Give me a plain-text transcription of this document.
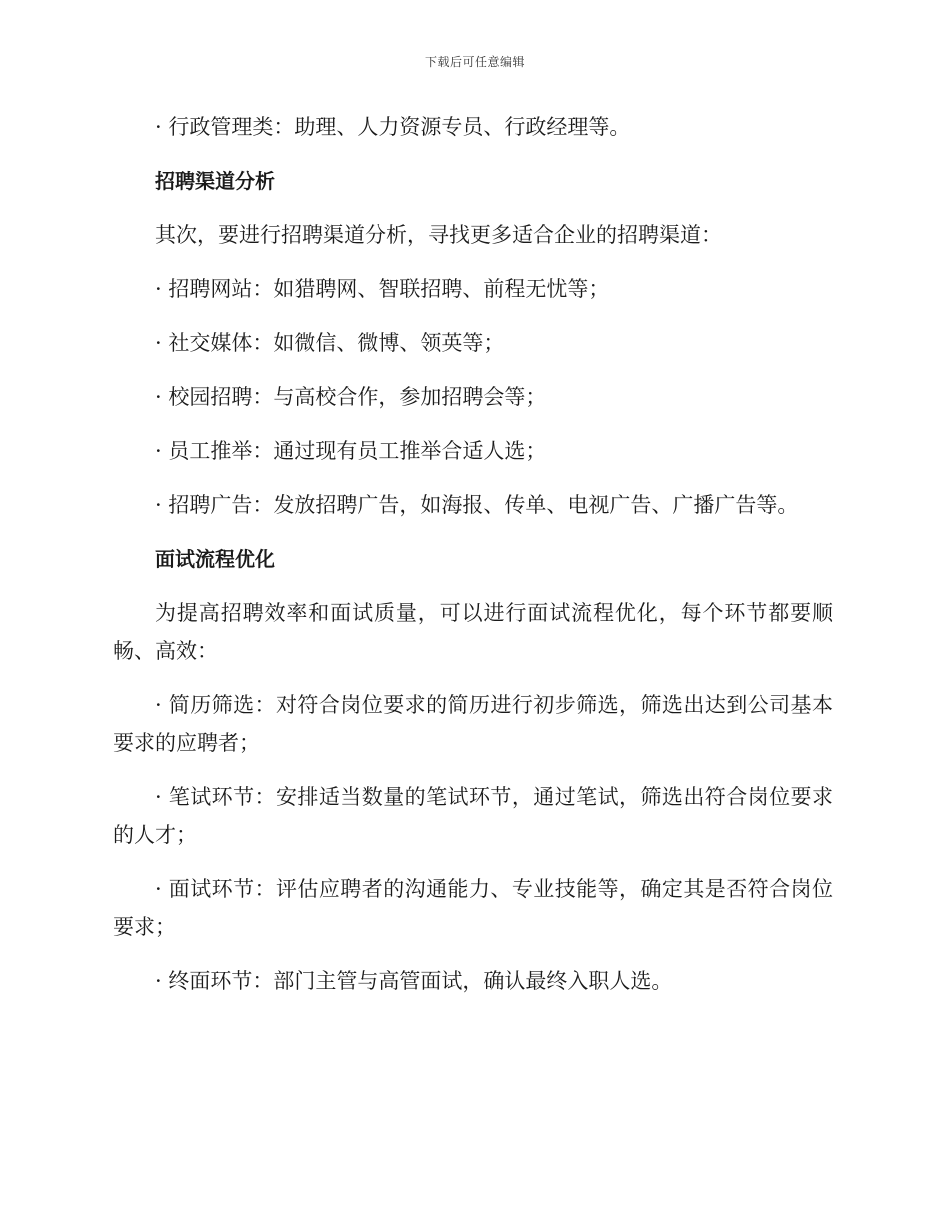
下载后可任意编辑

· 行政管理类：助理、人力资源专员、行政经理等。

招聘渠道分析

其次，要进行招聘渠道分析，寻找更多适合企业的招聘渠道：

· 招聘网站：如猎聘网、智联招聘、前程无忧等；

· 社交媒体：如微信、微博、领英等；

· 校园招聘：与高校合作，参加招聘会等；

· 员工推举：通过现有员工推举合适人选；

· 招聘广告：发放招聘广告，如海报、传单、电视广告、广播广告等。

面试流程优化

为提高招聘效率和面试质量，可以进行面试流程优化，每个环节都要顺畅、高效：

· 简历筛选：对符合岗位要求的简历进行初步筛选，筛选出达到公司基本要求的应聘者；

· 笔试环节：安排适当数量的笔试环节，通过笔试，筛选出符合岗位要求的人才；

· 面试环节：评估应聘者的沟通能力、专业技能等，确定其是否符合岗位要求；

· 终面环节：部门主管与高管面试，确认最终入职人选。
